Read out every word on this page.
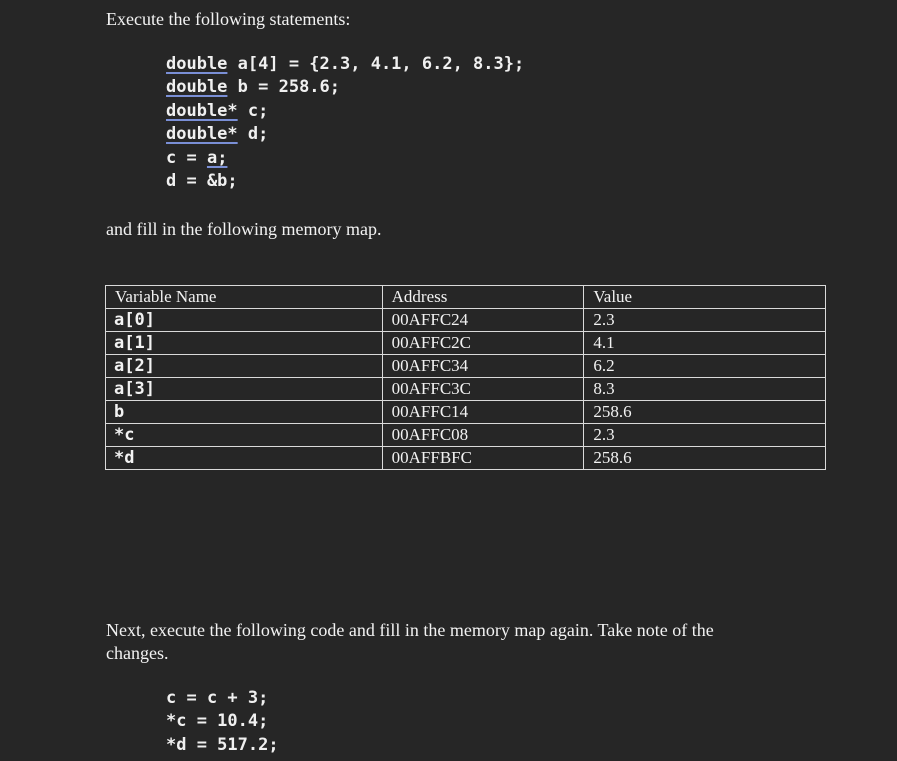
Execute the following statements:

double a[4] = {2.3, 4.1, 6.2, 8.3};
double b = 258.6;
double* c;
double* d;
c = a;
d = &b;

and fill in the following memory map.

Variable Name	Address	Value
a[0]	00AFFC24	2.3
a[1]	00AFFC2C	4.1
a[2]	00AFFC34	6.2
a[3]	00AFFC3C	8.3
b	00AFFC14	258.6
*c	00AFFC08	2.3
*d	00AFFBFC	258.6

Next, execute the following code and fill in the memory map again. Take note of the

changes.

c = c + 3;
*c = 10.4;
*d = 517.2;
